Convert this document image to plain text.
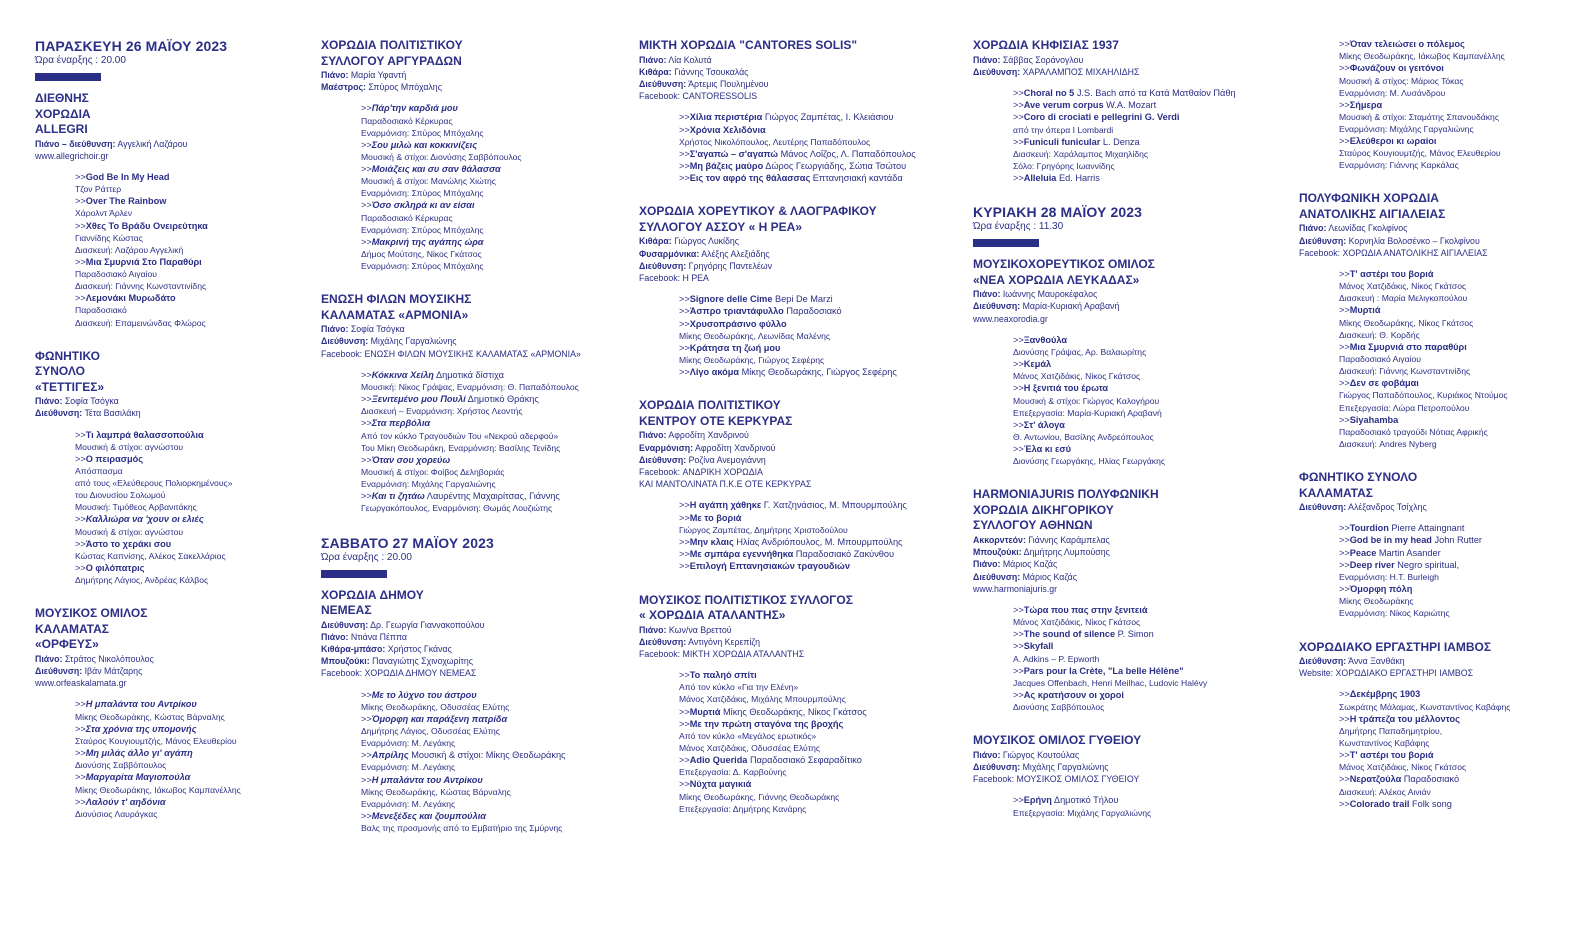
ΠΑΡΑΣΚΕΥΗ 26 ΜΑΪΟΥ 2023
Ώρα έναρξης : 20.00
ΔΙΕΘΝΗΣ
ΧΟΡΩΔΙΑ
ALLEGRI
Πιάνο – διεύθυνση: Αγγελική Λαζάρου
www.allegrichoir.gr
>>God Be In My Head
Τζον Ράττερ
>>Over The Rainbow
Χάρολντ Άρλεν
>>Χθες Το Βράδυ Ονειρεύτηκα
Γιαννίδης Κώστας
Διασκευή: Λαζάρου Αγγελική
>>Μια Σμυρνιά Στο Παραθύρι
Παραδοσιακό Αιγαίου
Διασκευή: Γιάννης Κωνσταντινίδης
>>Λεμονάκι Μυρωδάτο
Παραδοσιακό
Διασκευή: Επαμεινώνδας Φλώρος
ΦΩΝΗΤΙΚΟ
ΣΥΝΟΛΟ
«ΤΕΤΤΙΓΕΣ»
Πιάνο: Σοφία Τσόγκα
Διεύθυνση: Τέτα Βασιλάκη
>>Τι λαμπρά θαλασσοπούλια
Μουσική & στίχοι: αγνώστου
>>Ο πειρασμός
Απόσπασμα
από τους «Ελεύθερους Πολιορκημένους»
του Διονυσίου Σολωμού
Μουσική: Τιμόθεος Αρβανιτάκης
>>Καλλιώρα να 'χουν οι ελιές
Μουσική & στίχοι: αγνώστου
>>Άστο το χεράκι σου
Κώστας Καπνίσης, Αλέκος Σακελλάριος
>>Ο φιλόπατρις
Δημήτρης Λάγιος, Ανδρέας Κάλβος
ΜΟΥΣΙΚΟΣ ΟΜΙΛΟΣ
ΚΑΛΑΜΑΤΑΣ
«ΟΡΦΕΥΣ»
Πιάνο: Στράτος Νικολόπουλος
Διεύθυνση: Ιβάν Μάτζαρης
www.orfeaskalamata.gr
>>Η μπαλάντα του Αντρίκου
Μίκης Θεοδωράκης, Κώστας Βάρναλης
>>Στα χρόνια της υπομονής
Σταύρος Κουγιουμτζής, Μάνος Ελευθερίου
>>Μη μιλάς άλλο γι' αγάπη
Διονύσης Σαββόπουλος
>>Μαργαρίτα Μαγιοπούλα
Μίκης Θεοδωράκης, Ιάκωβος Καμπανέλλης
>>Λαλούν τ' αηδόνια
Διονύσιος Λαυράγκας
ΧΟΡΩΔΙΑ ΠΟΛΙΤΙΣΤΙΚΟΥ
ΣΥΛΛΟΓΟΥ ΑΡΓΥΡΑΔΩΝ
Πιάνο: Μαρία Υφαντή
Μαέστρος: Σπύρος Μπόχαλης
>>Πάρ'την καρδιά μου
Παραδοσιακό Κέρκυρας
Εναρμόνιση: Σπύρος Μπόχαλης
>>Σου μιλώ και κοκκινίζεις
Μουσική & στίχοι: Διονύσης Σαββόπουλος
>>Μοιάζεις και συ σαν θάλασσα
Μουσική & στίχοι: Μανώλης Χιώτης
Εναρμόνιση: Σπύρος Μπόχαλης
>>Όσο σκληρά κι αν είσαι
Παραδοσιακό Κέρκυρας
Εναρμόνιση: Σπύρος Μπόχαλης
>>Μακρινή της αγάπης ώρα
Δήμος Μούτσης, Νίκος Γκάτσος
Εναρμόνιση: Σπύρος Μπόχαλης
ΕΝΩΣΗ ΦΙΛΩΝ ΜΟΥΣΙΚΗΣ
ΚΑΛΑΜΑΤΑΣ «ΑΡΜΟΝΙΑ»
Πιάνο: Σοφία Τσόγκα
Διεύθυνση: Μιχάλης Γαργαλιώνης
Facebook: ΕΝΩΣΗ ΦΙΛΩΝ ΜΟΥΣΙΚΗΣ ΚΑΛΑΜΑΤΑΣ «ΑΡΜΟΝΙΑ»
>>Κόκκινα Χείλη Δημοτικά δίστιχα
Μουσική: Νίκος Γράψας, Εναρμόνιση: Θ. Παπαδόπουλος
>>Ξενιτεμένο μου Πουλί Δημοτικό Θράκης
Διασκευή – Εναρμόνιση: Χρήστος Λεοντής
>>Στα περβόλια
Από τον κύκλο Τραγουδιών Του «Νεκρού αδερφού»
Του Μίκη Θεοδωράκη, Εναρμόνιση: Βασίλης Τενίδης
>>Όταν σου χορεύω
Μουσική & στίχοι: Φοίβος Δεληβοριάς
Εναρμόνιση: Μιχάλης Γαργαλιώνης
>>Και τι ζητάω Λαυρέντης Μαχαιρίτσας, Γιάννης
Γεωργακόπουλος, Εναρμόνιση: Θωμάς Λουζιώτης
ΣΑΒΒΑΤΟ 27 ΜΑΪΟΥ 2023
Ώρα έναρξης : 20.00
ΧΟΡΩΔΙΑ ΔΗΜΟΥ
ΝΕΜΕΑΣ
Διεύθυνση: Δρ. Γεωργία Γιαννακοπούλου
Πιάνο: Ντιάνα Πέππα
Κιθάρα-μπάσο: Χρήστος Γκάνας
Μπουζούκι: Παναγιώτης Σχινοχωρίτης
Facebook: ΧΟΡΩΔΙΑ ΔΗΜΟΥ ΝΕΜΕΑΣ
>>Με το λύχνο του άστρου
Μίκης Θεοδωράκης, Οδυσσέας Ελύτης
>>Όμορφη και παράξενη πατρίδα
Δημήτρης Λάγιος, Οδυσσέας Ελύτης
Εναρμόνιση: Μ. Λεγάκης
>>Απρίλης Μουσική & στίχοι: Μίκης Θεοδωράκης
Εναρμόνιση: Μ. Λεγάκης
>>Η μπαλάντα του Αντρίκου
Μίκης Θεοδωράκης, Κώστας Βάρναλης
Εναρμόνιση: Μ. Λεγάκης
>>Μενεξέδες και ζουμπούλια
Βαλς της προσμονής από το Εμβατήριο της Σμύρνης
ΜΙΚΤΗ ΧΟΡΩΔΙΑ "CANTORES SOLIS"
Πιάνο: Λία Κολυτά
Κιθάρα: Γιάννης Τσουκαλάς
Διεύθυνση: Άρτεμις Πουλημένου
Facebook: CANTORESSOLIS
>>Χίλια περιστέρια Γιώργος Ζαμπέτας, Ι. Κλειάσιου
>>Χρόνια Χελιδόνια
Χρήστος Νικολόπουλος, Λευτέρης Παπαδόπουλος
>>Σ'αγαπώ – σ'αγαπώ Μάνος Λοΐζος, Λ. Παπαδόπουλος
>>Μη βάζεις μαύρο Δώρος Γεωργιάδης, Σώτια Τσώτου
>>Εις τον αφρό της θάλασσας Επτανησιακή καντάδα
ΧΟΡΩΔΙΑ ΧΟΡΕΥΤΙΚΟΥ & ΛΑΟΓΡΑΦΙΚΟΥ
ΣΥΛΛΟΓΟΥ ΑΣΣΟΥ « Η ΡΕΑ»
Κιθάρα: Γιώργος Λυκίδης
Φυσαρμόνικα: Αλέξης Αλεξιάδης
Διεύθυνση: Γρηγόρης Παντελέων
Facebook: Η ΡΕΑ
>>Signore delle Cime Bepi De Marzi
>>Άσπρο τριαντάφυλλο Παραδοσιακό
>>Χρυσοπράσινο φύλλο
Μίκης Θεοδωράκης, Λεωνίδας Μαλένης
>>Κράτησα τη ζωή μου
Μίκης Θεοδωράκης, Γιώργος Σεφέρης
>>Λίγο ακόμα Μίκης Θεοδωράκης, Γιώργος Σεφέρης
ΧΟΡΩΔΙΑ ΠΟΛΙΤΙΣΤΙΚΟΥ
ΚΕΝΤΡΟΥ ΟΤΕ ΚΕΡΚΥΡΑΣ
Πιάνο: Αφροδίτη Χανδρινού
Εναρμόνιση: Αφροδίτη Χανδρινού
Διεύθυνση: Ροζίνα Ανεμογιάννη
Facebook: ΑΝΔΡΙΚΗ ΧΟΡΩΔΙΑ
ΚΑΙ ΜΑΝΤΟΛΙΝΑΤΑ Π.Κ.Ε ΟΤΕ ΚΕΡΚΥΡΑΣ
>>Η αγάπη χάθηκε Γ. Χατζηνάσιος, Μ. Μπουρμπούλης
>>Με το βοριά
Γιώργος Ζαμπέτας, Δημήτρης Χριστοδούλου
>>Μην κλαις Ηλίας Ανδριόπουλος, Μ. Μπουρμπούλης
>>Με σμπάρα εγεννήθηκα Παραδοσιακό Ζακύνθου
>>Επιλογή Επτανησιακών τραγουδιών
ΜΟΥΣΙΚΟΣ ΠΟΛΙΤΙΣΤΙΚΟΣ ΣΥΛΛΟΓΟΣ
« ΧΟΡΩΔΙΑ ΑΤΑΛΑΝΤΗΣ»
Πιάνο: Κων/να Βρεττού
Διεύθυνση: Αντιγόνη Κερεπίζη
Facebook: ΜΙΚΤΗ ΧΟΡΩΔΙΑ ΑΤΑΛΑΝΤΗΣ
>>Το παληό σπίτι
Από τον κύκλο «Για την Ελένη»
Μάνος Χατζιδάκις, Μιχάλης Μπουρμπούλης
>>Μυρτιά Μίκης Θεοδωράκης, Νίκος Γκάτσος
>>Με την πρώτη σταγόνα της βροχής
Από τον κύκλο «Μεγάλος ερωτικός»
Μάνος Χατζιδάκις, Οδυσσέας Ελύτης
>>Adio Querida Παραδοσιακό Σεφαραδίτικο
Επεξεργασία: Δ. Καρβούνης
>>Νύχτα μαγικιά
Μίκης Θεοδωράκης, Γιάννης Θεοδωράκης
Επεξεργασία: Δημήτρης Κανάρης
ΧΟΡΩΔΙΑ ΚΗΦΙΣΙΑΣ 1937
Πιάνο: Σάββας Σοράνογλου
Διεύθυνση: ΧΑΡΑΛΑΜΠΟΣ ΜΙΧΑΗΛΙΔΗΣ
>>Choral no 5 J.S. Bach από τα Κατά Ματθαίον Πάθη
>>Ave verum corpus W.A. Mozart
>>Coro di crociati e pellegrini G. Verdi
από την όπερα I Lombardi
>>Funiculi funicular L. Denza
Διασκευή: Χαράλαμπος Μιχαηλίδης
Σόλο: Γρηγόρης Ιωαννίδης
>>Alleluia Ed. Harris
ΚΥΡΙΑΚΗ 28 ΜΑΪΟΥ 2023
Ώρα έναρξης : 11.30
ΜΟΥΣΙΚΟΧΟΡΕΥΤΙΚΟΣ ΟΜΙΛΟΣ
«ΝΕΑ ΧΟΡΩΔΙΑ ΛΕΥΚΑΔΑΣ»
Πιάνο: Ιωάννης Μαυροκέφαλος
Διεύθυνση: Μαρία-Κυριακή Αραβανή
www.neaxorodia.gr
>>Ξανθούλα
Διονύσης Γράψας, Αρ. Βαλαωρίτης
>>Κεμάλ
Μάνος Χατζιδάκις, Νίκος Γκάτσος
>>Η ξενιτιά του έρωτα
Μουσική & στίχοι: Γιώργος Καλογήρου
Επεξεργασία: Μαρία-Κυριακή Αραβανή
>>Στ' άλογα
Θ. Αντωνίου, Βασίλης Ανδρεόπουλος
>>Έλα κι εσύ
Διονύσης Γεωργάκης, Ηλίας Γεωργάκης
HARMONIAJURIS ΠΟΛΥΦΩΝΙΚΗ
ΧΟΡΩΔΙΑ ΔΙΚΗΓΟΡΙΚΟΥ
ΣΥΛΛΟΓΟΥ ΑΘΗΝΩΝ
Ακκορντεόν: Γιάννης Καράμπελας
Μπουζούκι: Δημήτρης Λυμπούσης
Πιάνο: Μάριος Καζάς
Διεύθυνση: Μάριος Καζάς
www.harmoniajuris.gr
>>Τώρα που πας στην ξενιτειά
Μάνος Χατζιδάκις, Νίκος Γκάτσος
>>The sound of silence P. Simon
>>Skyfall
A. Adkins – P. Epworth
>>Pars pour la Crète, "La belle Hélène"
Jacques Offenbach, Henri Meilhac, Ludovic Halévy
>>Ας κρατήσουν οι χοροί
Διονύσης Σαββόπουλος
ΜΟΥΣΙΚΟΣ ΟΜΙΛΟΣ ΓΥΘΕΙΟΥ
Πιάνο: Γιώργος Κουτούλας
Διεύθυνση: Μιχάλης Γαργαλιώνης
Facebook: ΜΟΥΣΙΚΟΣ ΟΜΙΛΟΣ ΓΥΘΕΙΟΥ
>>Ερήνη Δημοτικό Τήλου
Επεξεργασία: Μιχάλης Γαργαλιώνης
>>Όταν τελειώσει ο πόλεμος
Μίκης Θεοδωράκης, Ιάκωβος Καμπανέλλης
>>Φωνάζουν οι γειτόνοι
Μουσική & στίχος: Μάριος Τόκας
Εναρμόνιση: Μ. Λυσάνδρου
>>Σήμερα
Μουσική & στίχοι: Σταμάτης Σπανουδάκης
Εναρμόνιση: Μιχάλης Γαργαλιώνης
>>Ελεύθεροι κι ωραίοι
Σταύρος Κουγιουμτζής, Μάνος Ελευθερίου
Εναρμόνιση: Γιάννης Καρκάλας
ΠΟΛΥΦΩΝΙΚΗ ΧΟΡΩΔΙΑ
ΑΝΑΤΟΛΙΚΗΣ ΑΙΓΙΑΛΕΙΑΣ
Πιάνο: Λεωνίδας Γκολφίνος
Διεύθυνση: Κορνηλία Βολοσένκο – Γκολφίνου
Facebook: ΧΟΡΩΔΙΑ ΑΝΑΤΟΛΙΚΗΣ ΑΙΓΙΑΛΕΙΑΣ
>>Τ' αστέρι του βοριά
Μάνος Χατζιδάκις, Νίκος Γκάτσος
Διασκευή : Μαρία Μελιγκοπούλου
>>Μυρτιά
Μίκης Θεοδωράκης, Νίκος Γκάτσος
Διασκευή: Θ. Κορδής
>>Μια Σμυρνιά στο παραθύρι
Παραδοσιακό Αιγαίου
Διασκευή: Γιάννης Κωνσταντινίδης
>>Δεν σε φοβάμαι
Γιώργος Παπαδόπουλος, Κυριάκος Ντούμος
Επεξεργασία: Λώρα Πετροπούλου
>>Siyahamba
Παραδοσιακό τραγούδι Νότιας Αφρικής
Διασκευή: Andres Nyberg
ΦΩΝΗΤΙΚΟ ΣΥΝΟΛΟ
ΚΑΛΑΜΑΤΑΣ
Διεύθυνση: Αλέξανδρος Τσίχλης
>>Tourdion Pierre Attaingnant
>>God be in my head John Rutter
>>Peace Martin Asander
>>Deep river Negro spiritual,
Εναρμόνιση: H.T. Burleigh
>>Όμορφη πόλη
Μίκης Θεοδωράκης
Εναρμόνιση: Νίκος Καριώτης
ΧΟΡΩΔΙΑΚΟ ΕΡΓΑΣΤΗΡΙ ΙΑΜΒΟΣ
Διεύθυνση: Άννα Ξανθάκη
Website: ΧΟΡΩΔΙΑΚΟ ΕΡΓΑΣΤΗΡΙ ΙΑΜΒΟΣ
>>Δεκέμβρης 1903
Σωκράτης Μάλαμας, Κωνσταντίνος Καβάφης
>>Η τράπεζα του μέλλοντος
Δημήτρης Παπαδημητρίου,
Κωνσταντίνος Καβάφης
>>Τ' αστέρι του βοριά
Μάνος Χατζιδάκις, Νίκος Γκάτσος
>>Νερατζούλα Παραδοσιακό
Διασκευή: Αλέκος Αινιάν
>>Colorado trail Folk song
